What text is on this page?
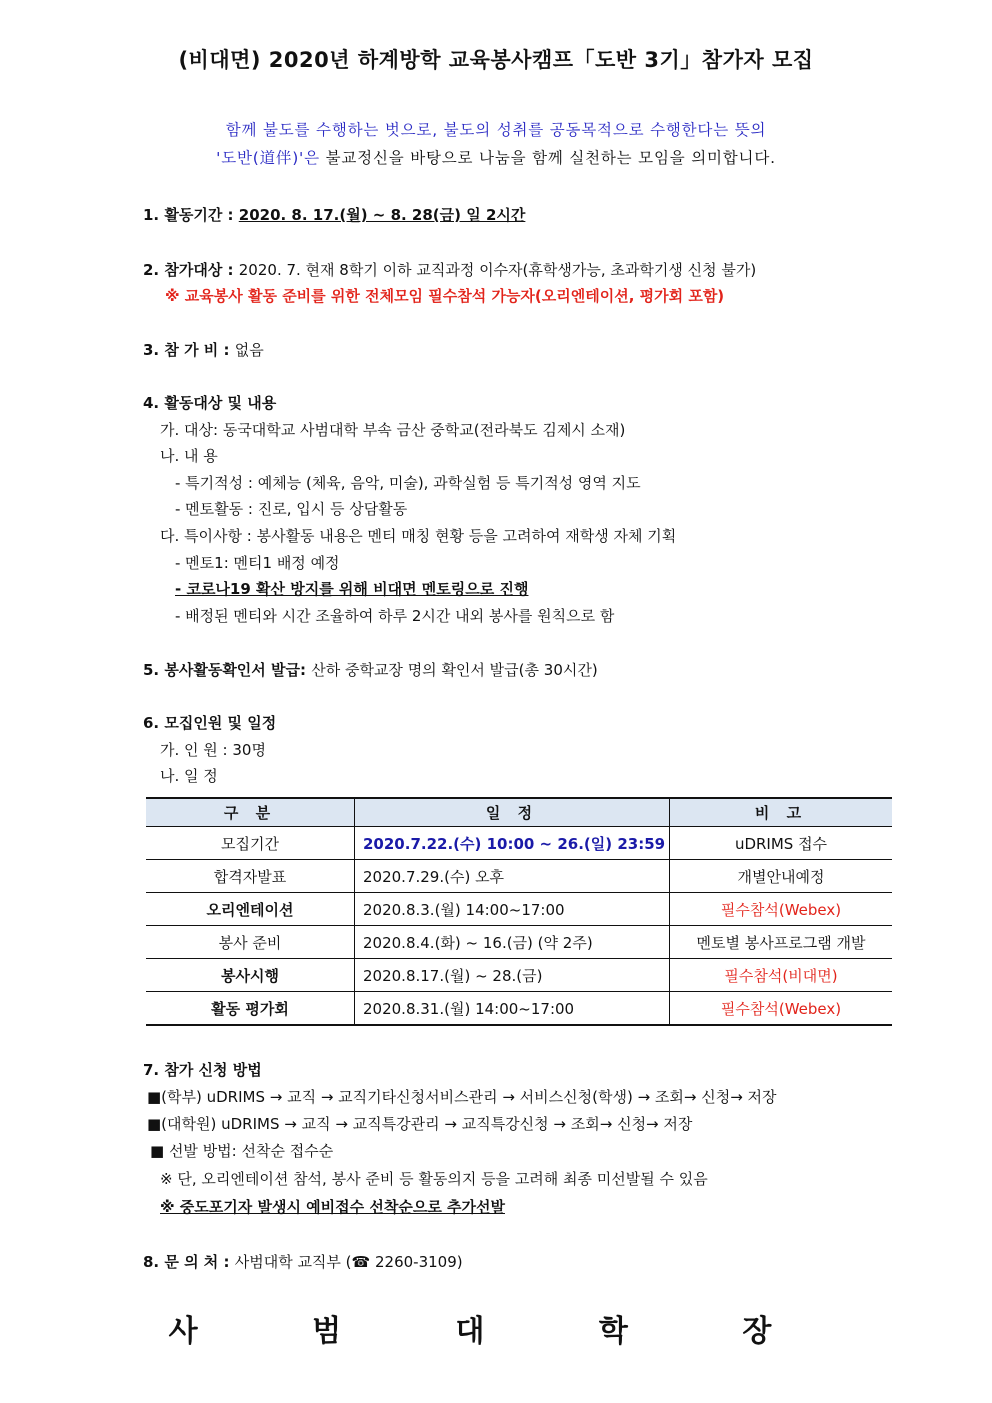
(비대면) 2020년 하계방학 교육봉사캠프「도반 3기」참가자 모집
함께 불도를 수행하는 벗으로, 불도의 성취를 공동목적으로 수행한다는 뜻의
'도반(道伴)'은 불교정신을 바탕으로 나눔을 함께 실천하는 모임을 의미합니다.
1. 활동기간 : 2020. 8. 17.(월) ~ 8. 28(금) 일 2시간
2. 참가대상 : 2020. 7. 현재 8학기 이하 교직과정 이수자(휴학생가능, 초과학기생 신청 불가)
※ 교육봉사 활동 준비를 위한 전체모임 필수참석 가능자(오리엔테이션, 평가회 포함)
3. 참 가 비 : 없음
4. 활동대상 및 내용
가. 대상: 동국대학교 사범대학 부속 금산 중학교(전라북도 김제시 소재)
나. 내 용
- 특기적성 : 예체능 (체육, 음악, 미술), 과학실험 등 특기적성 영역 지도
- 멘토활동 : 진로, 입시 등 상담활동
다. 특이사항 : 봉사활동 내용은 멘티 매칭 현황 등을 고려하여 재학생 자체 기획
- 멘토1: 멘티1 배정 예정
- 코로나19 확산 방지를 위해 비대면 멘토링으로 진행
- 배정된 멘티와 시간 조율하여 하루 2시간 내외 봉사를 원칙으로 함
5. 봉사활동확인서 발급: 산하 중학교장 명의 확인서 발급(총 30시간)
6. 모집인원 및 일정
가. 인 원 : 30명
나. 일 정
구 분	일 정	비 고
모집기간	2020.7.22.(수) 10:00 ~ 26.(일) 23:59	uDRIMS 접수
합격자발표	2020.7.29.(수) 오후	개별안내예정
오리엔테이션	2020.8.3.(월) 14:00~17:00	필수참석(Webex)
봉사 준비	2020.8.4.(화) ~ 16.(금) (약 2주)	멘토별 봉사프로그램 개발
봉사시행	2020.8.17.(월) ~ 28.(금)	필수참석(비대면)
활동 평가회	2020.8.31.(월) 14:00~17:00	필수참석(Webex)
7. 참가 신청 방법
■(학부) uDRIMS → 교직 → 교직기타신청서비스관리 → 서비스신청(학생) → 조회→ 신청→ 저장
■(대학원) uDRIMS → 교직 → 교직특강관리 → 교직특강신청 → 조회→ 신청→ 저장
■ 선발 방법: 선착순 접수순
※ 단, 오리엔테이션 참석, 봉사 준비 등 활동의지 등을 고려해 최종 미선발될 수 있음
※ 중도포기자 발생시 예비접수 선착순으로 추가선발
8. 문 의 처 : 사범대학 교직부 (☎ 2260-3109)
사 범 대 학 장
